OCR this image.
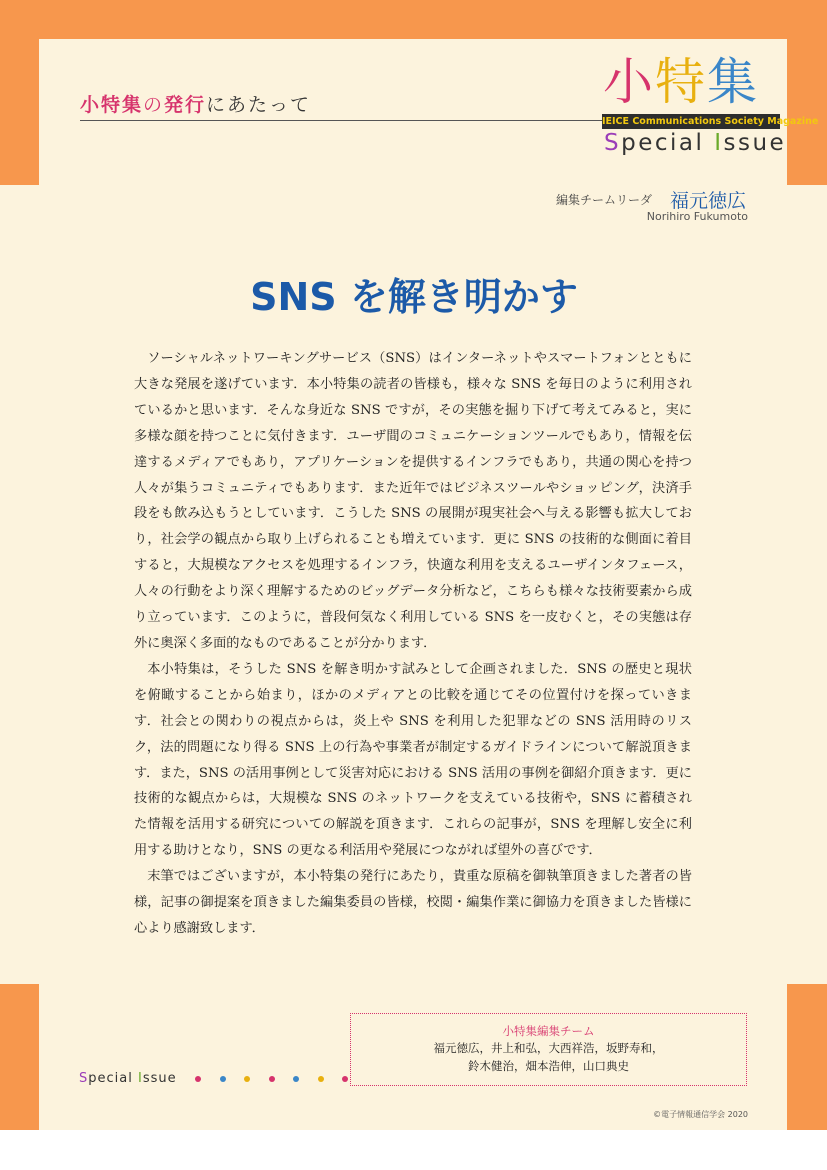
小特集の発行にあたって	小特集
IEICE Communications Society Magazine
Special Issue
編集チームリーダ 福元徳広
Norihiro Fukumoto
SNS を解き明かす

ソーシャルネットワーキングサービス（SNS）はインターネットやスマートフォンとともに大きな発展を遂げています．本小特集の読者の皆様も，様々な SNS を毎日のように利用されているかと思います．そんな身近な SNS ですが，その実態を掘り下げて考えてみると，実に多様な顔を持つことに気付きます．ユーザ間のコミュニケーションツールでもあり，情報を伝達するメディアでもあり，アプリケーションを提供するインフラでもあり，共通の関心を持つ人々が集うコミュニティでもあります．また近年ではビジネスツールやショッピング，決済手段をも飲み込もうとしています．こうした SNS の展開が現実社会へ与える影響も拡大しており，社会学の観点から取り上げられることも増えています．更に SNS の技術的な側面に着目すると，大規模なアクセスを処理するインフラ，快適な利用を支えるユーザインタフェース，人々の行動をより深く理解するためのビッグデータ分析など，こちらも様々な技術要素から成り立っています．このように，普段何気なく利用している SNS を一皮むくと，その実態は存外に奥深く多面的なものであることが分かります．

本小特集は，そうした SNS を解き明かす試みとして企画されました．SNS の歴史と現状を俯瞰することから始まり，ほかのメディアとの比較を通じてその位置付けを探っていきます．社会との関わりの視点からは，炎上や SNS を利用した犯罪などの SNS 活用時のリスク，法的問題になり得る SNS 上の行為や事業者が制定するガイドラインについて解説頂きます．また，SNS の活用事例として災害対応における SNS 活用の事例を御紹介頂きます．更に技術的な観点からは，大規模な SNS のネットワークを支えている技術や，SNS に蓄積された情報を活用する研究についての解説を頂きます．これらの記事が，SNS を理解し安全に利用する助けとなり，SNS の更なる利活用や発展につながれば望外の喜びです．

末筆ではございますが，本小特集の発行にあたり，貴重な原稿を御執筆頂きました著者の皆様，記事の御提案を頂きました編集委員の皆様，校閲・編集作業に御協力を頂きました皆様に心より感謝致します．

小特集編集チーム
福元徳広，井上和弘，大西祥浩，坂野寿和，
鈴木健治，畑本浩伸，山口典史
Special Issue
©電子情報通信学会 2020
